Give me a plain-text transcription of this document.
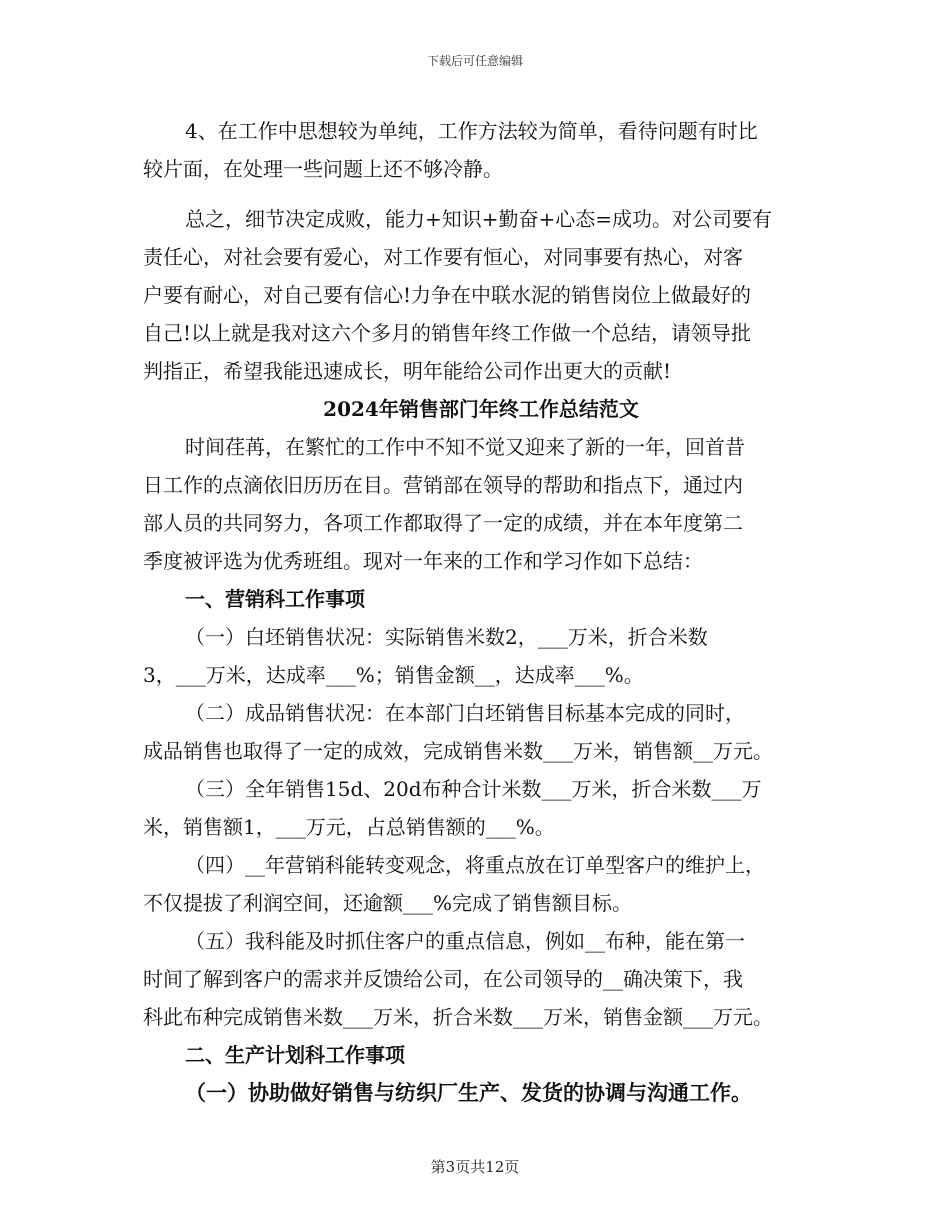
下载后可任意编辑
4、在工作中思想较为单纯，工作方法较为简单，看待问题有时比
较片面，在处理一些问题上还不够冷静。
总之，细节决定成败，能力+知识+勤奋+心态=成功。对公司要有
责任心，对社会要有爱心，对工作要有恒心，对同事要有热心，对客
户要有耐心，对自己要有信心!力争在中联水泥的销售岗位上做最好的
自己!以上就是我对这六个多月的销售年终工作做一个总结，请领导批
判指正，希望我能迅速成长，明年能给公司作出更大的贡献!
2024年销售部门年终工作总结范文
时间荏苒，在繁忙的工作中不知不觉又迎来了新的一年，回首昔
日工作的点滴依旧历历在目。营销部在领导的帮助和指点下，通过内
部人员的共同努力，各项工作都取得了一定的成绩，并在本年度第二
季度被评选为优秀班组。现对一年来的工作和学习作如下总结：
一、营销科工作事项
（一）白坯销售状况：实际销售米数2，___万米，折合米数
3，___万米，达成率___%；销售金额__，达成率___%。
（二）成品销售状况：在本部门白坯销售目标基本完成的同时，
成品销售也取得了一定的成效，完成销售米数___万米，销售额__万元。
（三）全年销售15d、20d布种合计米数___万米，折合米数___万
米，销售额1，___万元，占总销售额的___%。
（四）__年营销科能转变观念，将重点放在订单型客户的维护上，
不仅提拔了利润空间，还逾额___%完成了销售额目标。
（五）我科能及时抓住客户的重点信息，例如__布种，能在第一
时间了解到客户的需求并反馈给公司，在公司领导的__确决策下，我
科此布种完成销售米数___万米，折合米数___万米，销售金额___万元。
二、生产计划科工作事项
（一）协助做好销售与纺织厂生产、发货的协调与沟通工作。
第3页共12页
